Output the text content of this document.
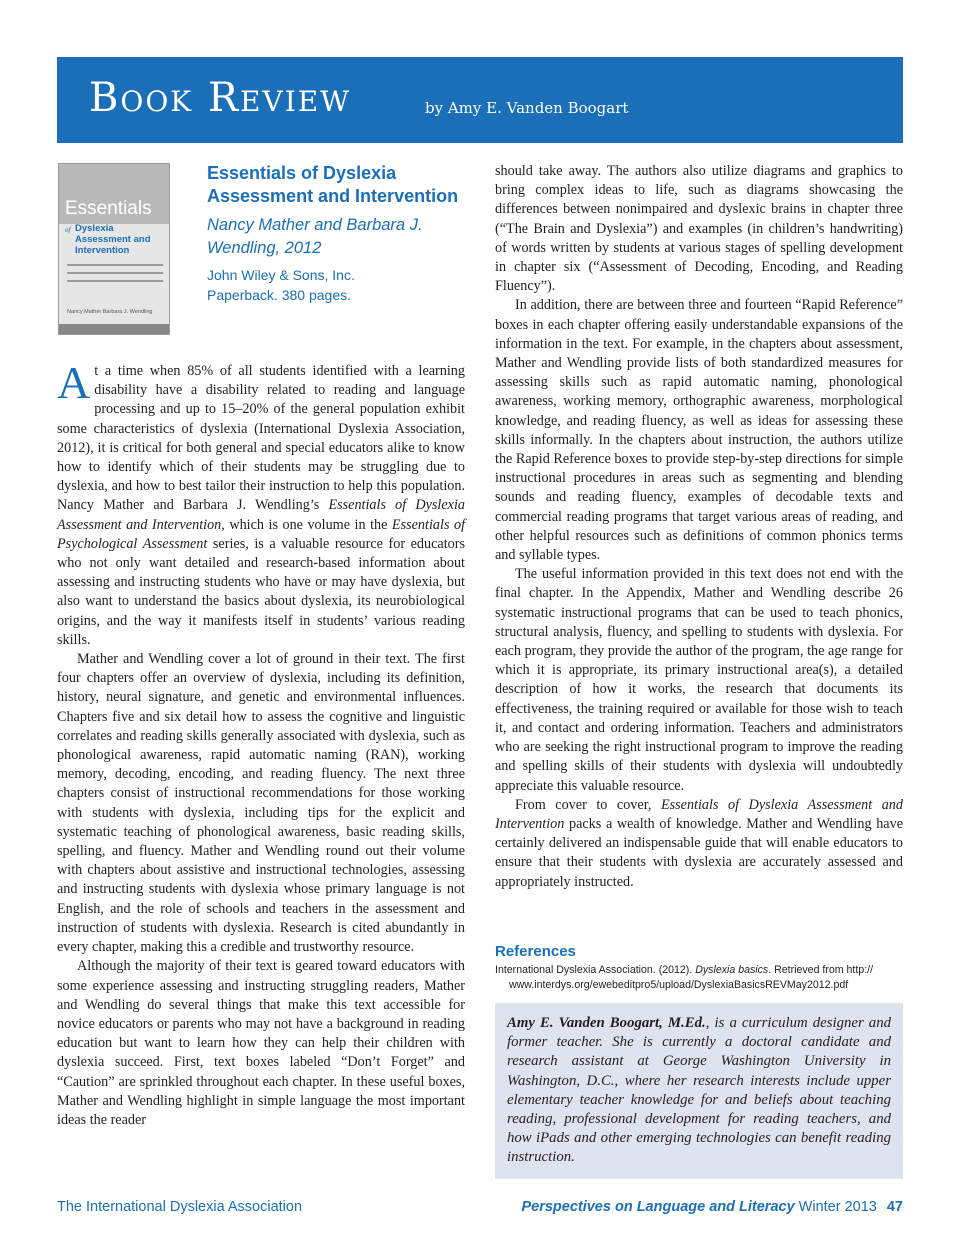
Book Review	by Amy E. Vanden Boogart
Essentials
of Dyslexia Assessment and Intervention
Nancy Mather Barbara J. Wendling
Essentials of Dyslexia Assessment and Intervention
Nancy Mather and Barbara J. Wendling, 2012
John Wiley & Sons, Inc.
Paperback. 380 pages.

At a time when 85% of all students identified with a learning disability have a disability related to reading and language processing and up to 15–20% of the general population exhibit some characteristics of dyslexia (International Dyslexia Association, 2012), it is critical for both general and special educators alike to know how to identify which of their students may be struggling due to dyslexia, and how to best tailor their instruction to help this population. Nancy Mather and Barbara J. Wendling’s Essentials of Dyslexia Assessment and Intervention, which is one volume in the Essentials of Psychological Assessment series, is a valuable resource for educators who not only want detailed and research-based information about assessing and instructing students who have or may have dyslexia, but also want to understand the basics about dyslexia, its neurobiological origins, and the way it manifests itself in students’ various reading skills.

Mather and Wendling cover a lot of ground in their text. The first four chapters offer an overview of dyslexia, including its definition, history, neural signature, and genetic and environmental influences. Chapters five and six detail how to assess the cognitive and linguistic correlates and reading skills generally associated with dyslexia, such as phonological awareness, rapid automatic naming (RAN), working memory, decoding, encoding, and reading fluency. The next three chapters consist of instructional recommendations for those working with students with dyslexia, including tips for the explicit and systematic teaching of phonological awareness, basic reading skills, spelling, and fluency. Mather and Wendling round out their volume with chapters about assistive and instructional technologies, assessing and instructing students with dyslexia whose primary language is not English, and the role of schools and teachers in the assessment and instruction of students with dyslexia. Research is cited abundantly in every chapter, making this a credible and trustworthy resource.

Although the majority of their text is geared toward educators with some experience assessing and instructing struggling readers, Mather and Wendling do several things that make this text accessible for novice educators or parents who may not have a background in reading education but want to learn how they can help their children with dyslexia succeed. First, text boxes labeled “Don’t Forget” and “Caution” are sprinkled throughout each chapter. In these useful boxes, Mather and Wendling highlight in simple language the most important ideas the reader

should take away. The authors also utilize diagrams and graphics to bring complex ideas to life, such as diagrams showcasing the differences between nonimpaired and dyslexic brains in chapter three (“The Brain and Dyslexia”) and examples (in children’s handwriting) of words written by students at various stages of spelling development in chapter six (“Assessment of Decoding, Encoding, and Reading Fluency”).

In addition, there are between three and fourteen “Rapid Reference” boxes in each chapter offering easily understandable expansions of the information in the text. For example, in the chapters about assessment, Mather and Wendling provide lists of both standardized measures for assessing skills such as rapid automatic naming, phonological awareness, working memory, orthographic awareness, morphological knowledge, and reading fluency, as well as ideas for assessing these skills informally. In the chapters about instruction, the authors utilize the Rapid Reference boxes to provide step-by-step directions for simple instructional procedures in areas such as segmenting and blending sounds and reading fluency, examples of decodable texts and commercial reading programs that target various areas of reading, and other helpful resources such as definitions of common phonics terms and syllable types.

The useful information provided in this text does not end with the final chapter. In the Appendix, Mather and Wendling describe 26 systematic instructional programs that can be used to teach phonics, structural analysis, fluency, and spelling to students with dyslexia. For each program, they provide the author of the program, the age range for which it is appropriate, its primary instructional area(s), a detailed description of how it works, the research that documents its effectiveness, the training required or available for those wish to teach it, and contact and ordering information. Teachers and administrators who are seeking the right instructional program to improve the reading and spelling skills of their students with dyslexia will undoubtedly appreciate this valuable resource.

From cover to cover, Essentials of Dyslexia Assessment and Intervention packs a wealth of knowledge. Mather and Wendling have certainly delivered an indispensable guide that will enable educators to ensure that their students with dyslexia are accurately assessed and appropriately instructed.

References
International Dyslexia Association. (2012). Dyslexia basics. Retrieved from http://
www.interdys.org/ewebeditpro5/upload/DyslexiaBasicsREVMay2012.pdf
Amy E. Vanden Boogart, M.Ed., is a curriculum designer and former teacher. She is currently a doctoral candidate and research assistant at George Washington University in Washington, D.C., where her research interests include upper elementary teacher knowledge for and beliefs about teaching reading, professional development for reading teachers, and how iPads and other emerging technologies can benefit reading instruction.
The International Dyslexia Association	Perspectives on Language and Literacy Winter 2013 47
